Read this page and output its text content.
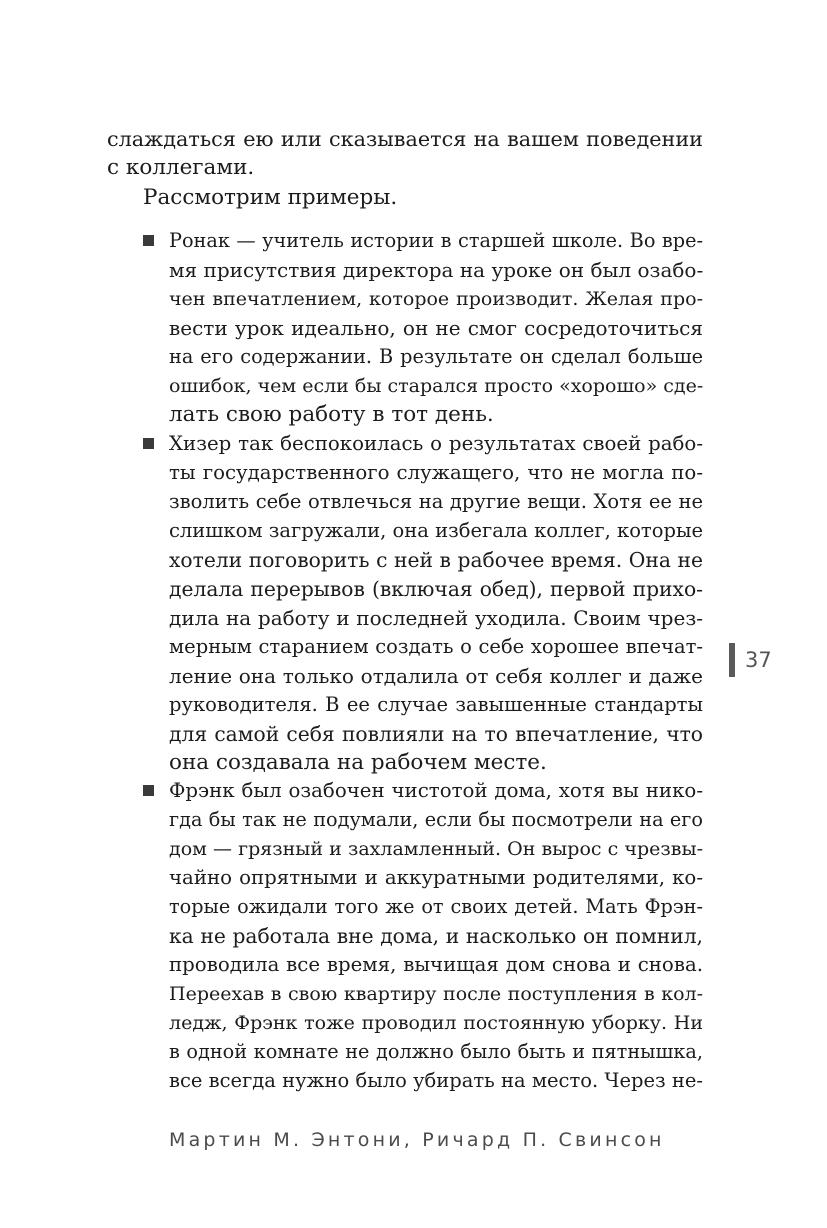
слаждаться ею или сказывается на вашем поведении
с коллегами.
Рассмотрим примеры.
Ронак — учитель истории в старшей школе. Во вре-
мя присутствия директора на уроке он был озабо-
чен впечатлением, которое производит. Желая про-
вести урок идеально, он не смог сосредоточиться
на его содержании. В результате он сделал больше
ошибок, чем если бы старался просто «хорошо» сде-
лать свою работу в тот день.
Хизер так беспокоилась о результатах своей рабо-
ты государственного служащего, что не могла по-
зволить себе отвлечься на другие вещи. Хотя ее не
слишком загружали, она избегала коллег, которые
хотели поговорить с ней в рабочее время. Она не
делала перерывов (включая обед), первой прихо-
дила на работу и последней уходила. Своим чрез-
мерным старанием создать о себе хорошее впечат-
ление она только отдалила от себя коллег и даже
руководителя. В ее случае завышенные стандарты
для самой себя повлияли на то впечатление, что
она создавала на рабочем месте.
Фрэнк был озабочен чистотой дома, хотя вы нико-
гда бы так не подумали, если бы посмотрели на его
дом — грязный и захламленный. Он вырос с чрезвы-
чайно опрятными и аккуратными родителями, ко-
торые ожидали того же от своих детей. Мать Фрэн-
ка не работала вне дома, и насколько он помнил,
проводила все время, вычищая дом снова и снова.
Переехав в свою квартиру после поступления в кол-
ледж, Фрэнк тоже проводил постоянную уборку. Ни
в одной комнате не должно было быть и пятнышка,
все всегда нужно было убирать на место. Через не-
37
Мартин М. Энтони, Ричард П. Свинсон
